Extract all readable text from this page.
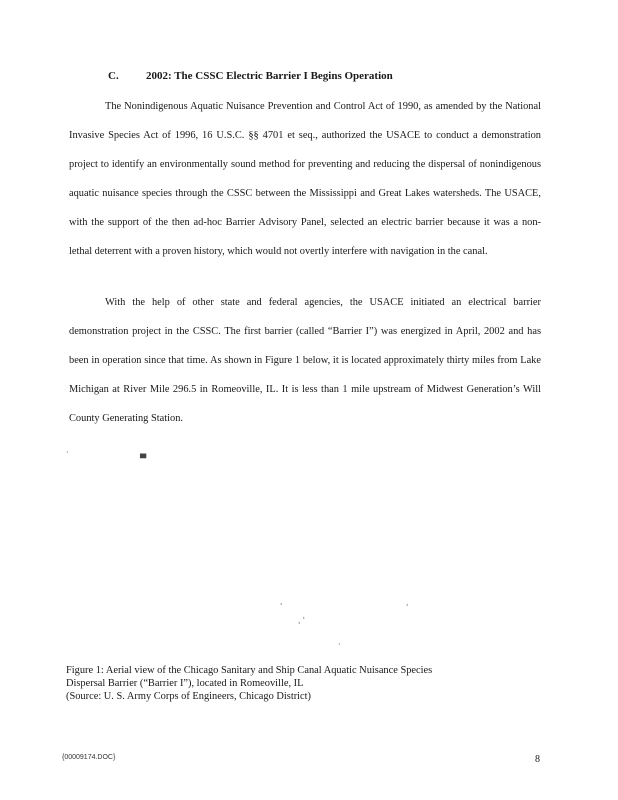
C. 2002: The CSSC Electric Barrier I Begins Operation
The Nonindigenous Aquatic Nuisance Prevention and Control Act of 1990, as amended by the National Invasive Species Act of 1996, 16 U.S.C. §§ 4701 et seq., authorized the USACE to conduct a demonstration project to identify an environmentally sound method for preventing and reducing the dispersal of nonindigenous aquatic nuisance species through the CSSC between the Mississippi and Great Lakes watersheds. The USACE, with the support of the then ad-hoc Barrier Advisory Panel, selected an electric barrier because it was a non-lethal deterrent with a proven history, which would not overtly interfere with navigation in the canal.
With the help of other state and federal agencies, the USACE initiated an electrical barrier demonstration project in the CSSC. The first barrier (called “Barrier I”) was energized in April, 2002 and has been in operation since that time. As shown in Figure 1 below, it is located approximately thirty miles from Lake Michigan at River Mile 296.5 in Romeoville, IL. It is less than 1 mile upstream of Midwest Generation’s Will County Generating Station.
▀
·
ˈ
ˌ ˈ
ˈ
·
Figure 1: Aerial view of the Chicago Sanitary and Ship Canal Aquatic Nuisance Species
Dispersal Barrier (“Barrier I”), located in Romeoville, IL
(Source: U. S. Army Corps of Engineers, Chicago District)
{00009174.DOC}	8
